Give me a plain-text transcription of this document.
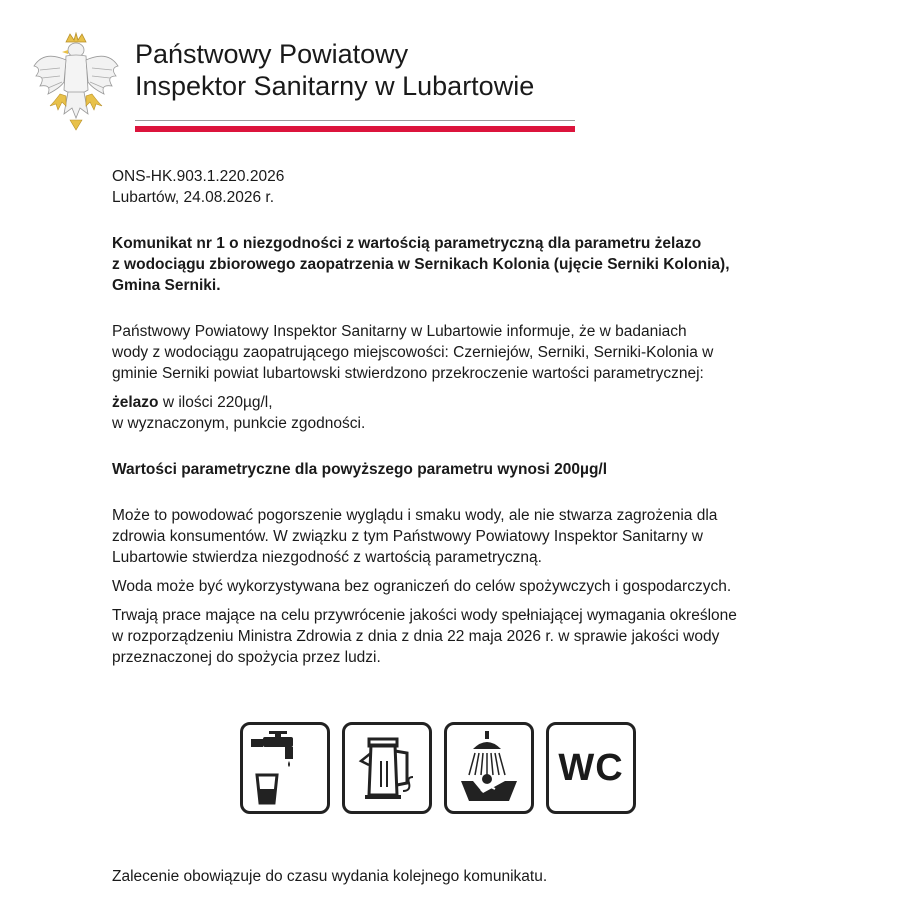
Państwowy Powiatowy
Inspektor Sanitarny w Lubartowie

ONS-HK.903.1.220.2026

Lubartów, 24.08.2026 r.

Komunikat nr 1 o niezgodności z wartością parametryczną dla parametru żelazo

z wodociągu zbiorowego zaopatrzenia w Sernikach Kolonia (ujęcie Serniki Kolonia),

Gmina Serniki.

Państwowy Powiatowy Inspektor Sanitarny w Lubartowie informuje, że w badaniach

wody z wodociągu zaopatrującego miejscowości: Czerniejów, Serniki, Serniki-Kolonia w

gminie Serniki powiat lubartowski stwierdzono przekroczenie wartości parametrycznej:

żelazo w ilości 220µg/l,

w wyznaczonym, punkcie zgodności.

Wartości parametryczne dla powyższego parametru wynosi 200µg/l

Może to powodować pogorszenie wyglądu i smaku wody, ale nie stwarza zagrożenia dla

zdrowia konsumentów. W związku z tym Państwowy Powiatowy Inspektor Sanitarny w

Lubartowie stwierdza niezgodność z wartością parametryczną.

Woda może być wykorzystywana bez ograniczeń do celów spożywczych i gospodarczych.

Trwają prace mające na celu przywrócenie jakości wody spełniającej wymagania określone

w rozporządzeniu Ministra Zdrowia z dnia z dnia 22 maja 2026 r. w sprawie jakości wody

przeznaczonej do spożycia przez ludzi.

WC
Zalecenie obowiązuje do czasu wydania kolejnego komunikatu.
